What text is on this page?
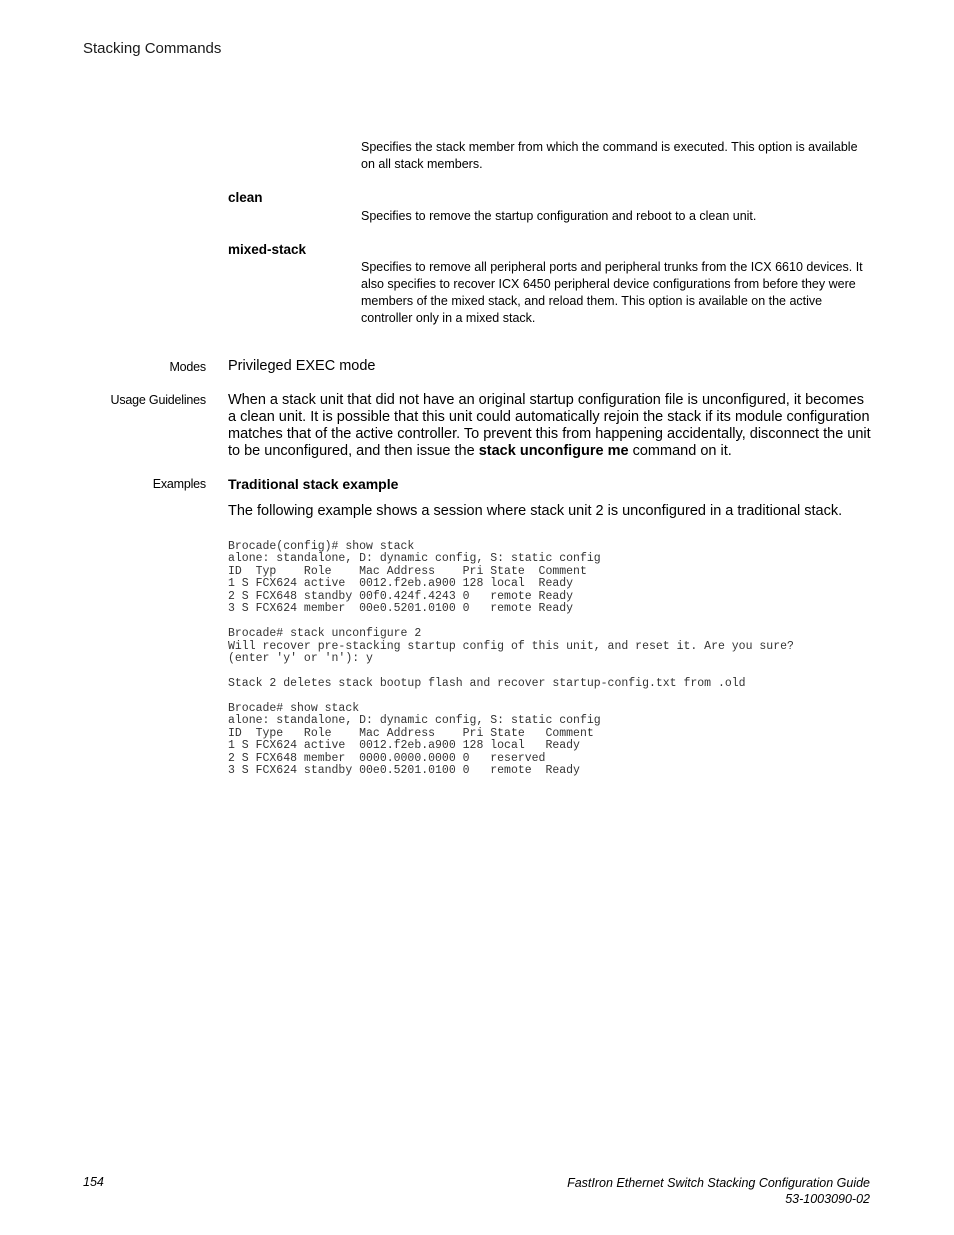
Stacking Commands
Specifies the stack member from which the command is executed. This option is available on all stack members.
clean
Specifies to remove the startup configuration and reboot to a clean unit.
mixed-stack
Specifies to remove all peripheral ports and peripheral trunks from the ICX 6610 devices. It also specifies to recover ICX 6450 peripheral device configurations from before they were members of the mixed stack, and reload them. This option is available on the active controller only in a mixed stack.
Modes Privileged EXEC mode
Usage Guidelines When a stack unit that did not have an original startup configuration file is unconfigured, it becomes a clean unit. It is possible that this unit could automatically rejoin the stack if its module configuration matches that of the active controller. To prevent this from happening accidentally, disconnect the unit to be unconfigured, and then issue the stack unconfigure me command on it.
Examples Traditional stack example
The following example shows a session where stack unit 2 is unconfigured in a traditional stack.
Brocade(config)# show stack
alone: standalone, D: dynamic config, S: static config
ID  Typ    Role    Mac Address    Pri State  Comment
1 S FCX624 active  0012.f2eb.a900 128 local  Ready
2 S FCX648 standby 00f0.424f.4243 0   remote Ready
3 S FCX624 member  00e0.5201.0100 0   remote Ready

Brocade# stack unconfigure 2
Will recover pre-stacking startup config of this unit, and reset it. Are you sure?
(enter 'y' or 'n'): y

Stack 2 deletes stack bootup flash and recover startup-config.txt from .old

Brocade# show stack
alone: standalone, D: dynamic config, S: static config
ID  Type   Role    Mac Address    Pri State   Comment
1 S FCX624 active  0012.f2eb.a900 128 local   Ready
2 S FCX648 member  0000.0000.0000 0   reserved
3 S FCX624 standby 00e0.5201.0100 0   remote  Ready
154	FastIron Ethernet Switch Stacking Configuration Guide
53-1003090-02
